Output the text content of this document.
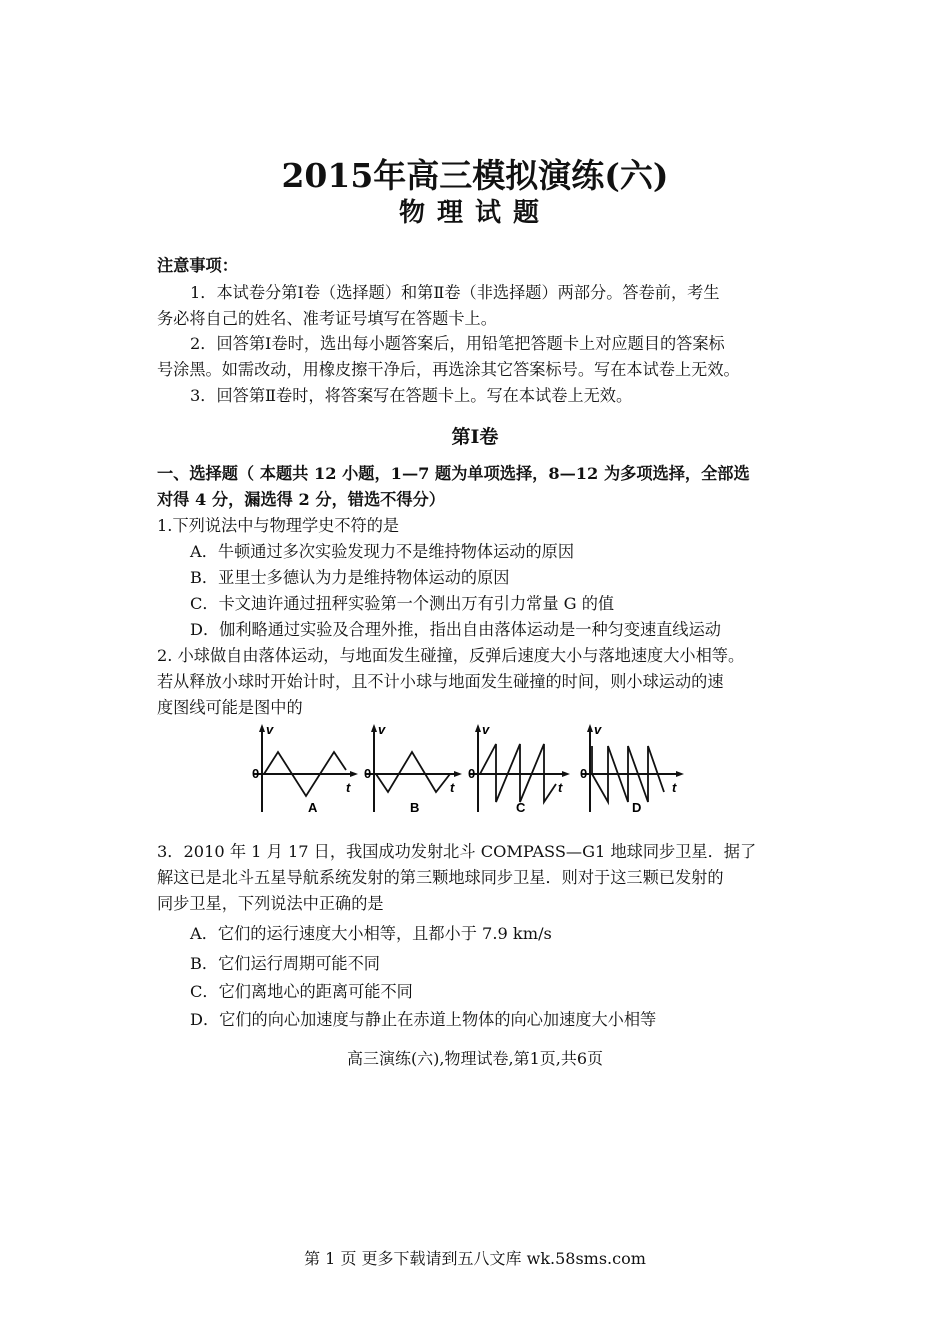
2015年高三模拟演练(六)
物理试题
注意事项：
1．本试卷分第Ⅰ卷（选择题）和第Ⅱ卷（非选择题）两部分。答卷前，考生
务必将自己的姓名、准考证号填写在答题卡上。
2．回答第Ⅰ卷时，选出每小题答案后，用铅笔把答题卡上对应题目的答案标
号涂黑。如需改动，用橡皮擦干净后，再选涂其它答案标号。写在本试卷上无效。
3．回答第Ⅱ卷时，将答案写在答题卡上。写在本试卷上无效。
第Ⅰ卷
一、选择题（ 本题共 12 小题，1—7 题为单项选择，8—12 为多项选择，全部选
对得 4 分，漏选得 2 分，错选不得分）
1.下列说法中与物理学史不符的是
A．牛顿通过多次实验发现力不是维持物体运动的原因
B．亚里士多德认为力是维持物体运动的原因
C．卡文迪许通过扭秤实验第一个测出万有引力常量 G 的值
D．伽利略通过实验及合理外推，指出自由落体运动是一种匀变速直线运动
2. 小球做自由落体运动，与地面发生碰撞，反弹后速度大小与落地速度大小相等。
若从释放小球时开始计时，且不计小球与地面发生碰撞的时间，则小球运动的速
度图线可能是图中的
v
0
t
A
v
0
t
B
v
0
t
C
v
0
t
D
3．2010 年 1 月 17 日，我国成功发射北斗 COMPASS—G1 地球同步卫星．据了
解这已是北斗五星导航系统发射的第三颗地球同步卫星．则对于这三颗已发射的
同步卫星，下列说法中正确的是
A．它们的运行速度大小相等，且都小于 7.9 km/s
B．它们运行周期可能不同
C．它们离地心的距离可能不同
D．它们的向心加速度与静止在赤道上物体的向心加速度大小相等
高三演练(六),物理试卷,第1页,共6页
第 1 页 更多下载请到五八文库 wk.58sms.com
